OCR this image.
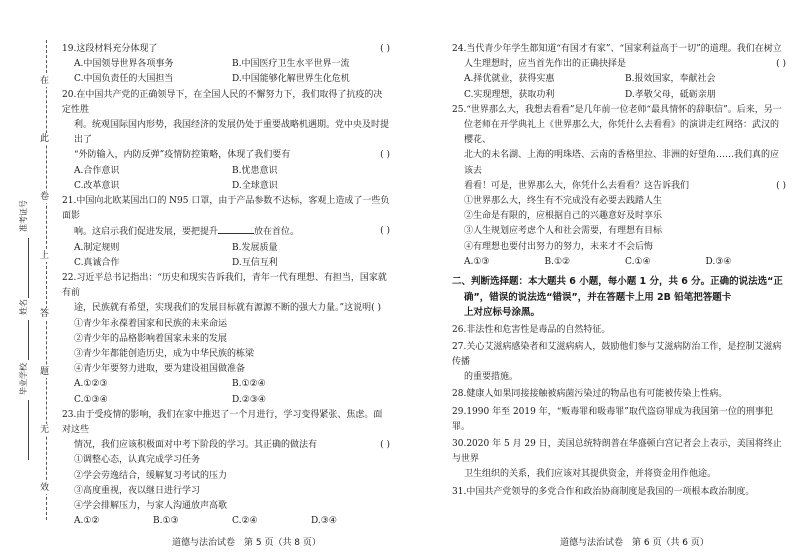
在
此
卷
上
答
题
无
效
准考证号
姓名
毕业学校
19.这段材料充分体现了	( )
A.中国领导世界各项事务	B.中国医疗卫生水平世界一流
C.中国负责任的大国担当	D.中国能够化解世界生化危机
20.在中国共产党的正确领导下，在全国人民的不懈努力下，我们取得了抗疫的决定性胜
利。统观国际国内形势，我国经济的发展仍处于重要战略机遇期。党中央及时提出了
“外防输入，内防反弹”疫情防控策略，体现了我们要有	( )
A.合作意识	B.忧患意识
C.改革意识	D.全球意识
21.中国向北欧某国出口的 N95 口罩，由于产品参数不达标，客观上造成了一些负面影
响。这启示我们促进发展，要把提升	放在首位。	( )
A.制定规则	B.发展质量
C.真诚合作	D.互信互利
22.习近平总书记指出：“历史和现实告诉我们，青年一代有理想、有担当，国家就有前
途，民族就有希望，实现我们的发展目标就有源源不断的强大力量。”这说明( )
①青少年永葆着国家和民族的未来命运
②青少年的品格影响着国家未来的发展
③青少年都能创造历史，成为中华民族的栋梁
④青少年要努力进取，要为建设祖国做准备
A.①②③	B.①②④
C.①③④	D.②③④
23.由于受疫情的影响，我们在家中推迟了一个月进行，学习变得紧张、焦虑。面对这些
情况，我们应该积极面对中考下阶段的学习。其正确的做法有	( )
①调整心态，认真完成学习任务
②学会劳逸结合，缓解复习考试的压力
③高度重视，夜以继日进行学习
④学会排解压力，与家人沟通放声高歌
A.①②	B.①③	C.②④	D.③④
24.当代青少年学生都知道“有国才有家”、“国家利益高于一切”的道理。我们在树立
人生理想时，应当首先作出的正确抉择是	( )
A.择优就业，获得实惠	B.报效国家，奉献社会
C.实现理想，获取功利	D.孝敬父母，砥砺亲朋
25.“世界那么大，我想去看看”是几年前一位老师“最具情怀的辞职信”。后来，另一
位老师在开学典礼上《世界那么大，你凭什么去看看》的演讲走红网络：武汉的樱花、
北大的未名湖、上海的明珠塔、云南的香格里拉、非洲的好望角……我们真的应该去
看看！可是，世界那么大，你凭什么去看看？这告诉我们	( )
①世界那么大，终生有不完成没有必要去践踏人生
②生命是有限的，应根据自己的兴趣意好及时享乐
③人生规划应考虑个人和社会需要，有理想有目标
④有理想也要付出努力的努力，未来才不会后悔
A.①③	B.①②	C.①④	D.③④
二、判断选择题：本大题共 6 小题，每小题 1 分，共 6 分。正确的说法选“正
确”，错误的说法选“错误”，并在答题卡上用 2B 铅笔把答题卡
上对应标号涂黑。
26.非法性和危害性是毒品的自然特征。
27.关心艾滋病感染者和艾滋病病人，鼓励他们参与艾滋病防治工作，是控制艾滋病传播
的重要措施。
28.健康人如果同接接触被病菌污染过的物品也有可能被传染上性病。
29.1990 年至 2019 年，“贩毒罪和吸毒罪”取代盗窃罪成为我国第一位的刑事犯罪。
30.2020 年 5 月 29 日，美国总统特朗普在华盛顿白宫记者会上表示，美国将终止与世界
卫生组织的关系，我们应该对其提供资金，并将资金用作他途。
31.中国共产党领导的多党合作和政治协商制度是我国的一项根本政治制度。
道德与法治试卷　第 5 页（共 8 页）	道德与法治试卷　第 6 页（共 6 页）
